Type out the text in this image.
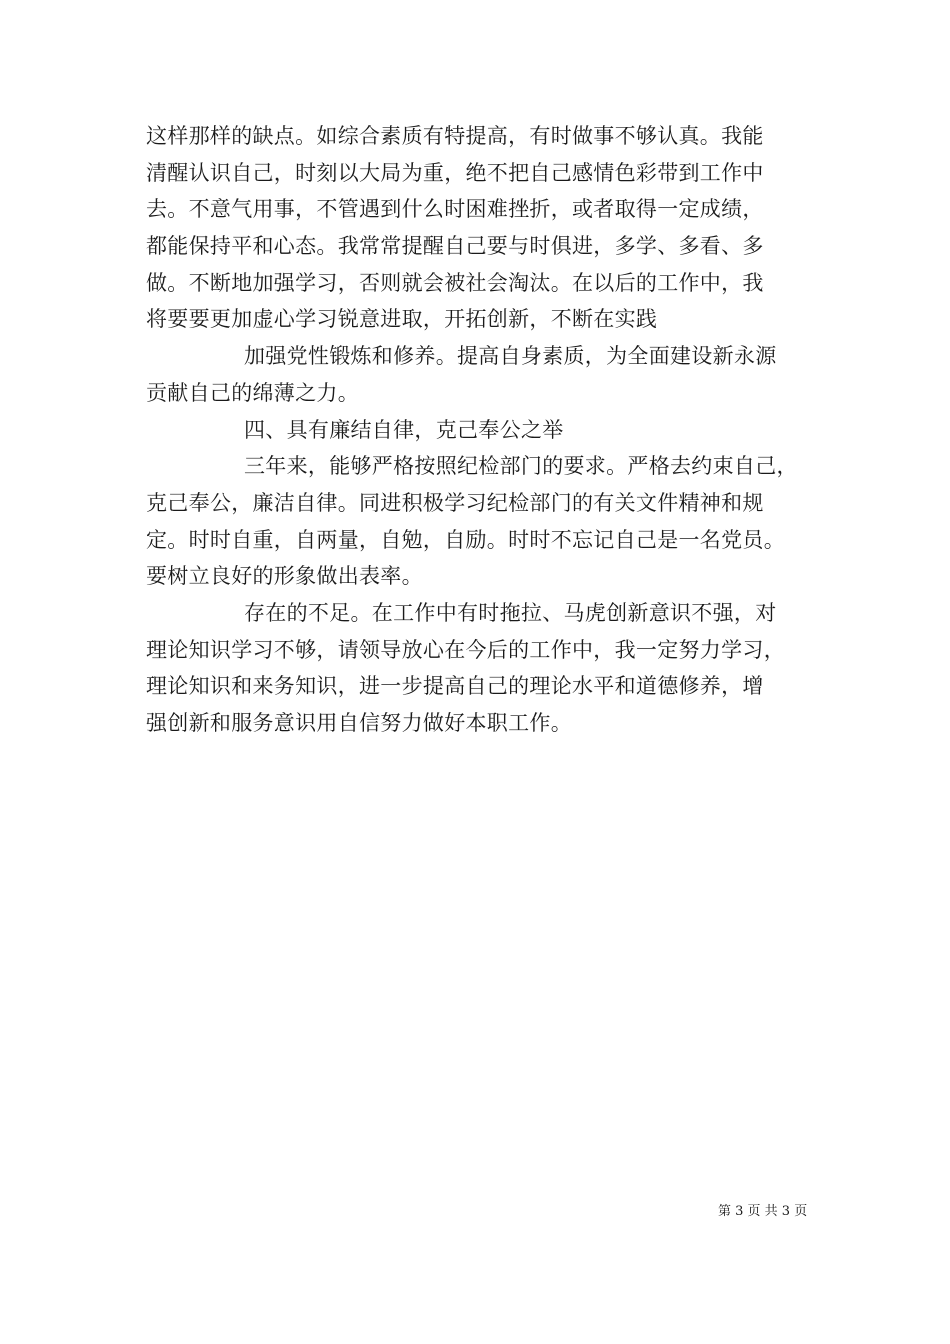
这样那样的缺点。如综合素质有特提高，有时做事不够认真。我能
清醒认识自己，时刻以大局为重，绝不把自己感情色彩带到工作中
去。不意气用事，不管遇到什么时困难挫折，或者取得一定成绩，
都能保持平和心态。我常常提醒自己要与时俱进，多学、多看、多
做。不断地加强学习，否则就会被社会淘汰。在以后的工作中，我
将要要更加虚心学习锐意进取，开拓创新，不断在实践
加强党性锻炼和修养。提高自身素质，为全面建设新永源
贡献自己的绵薄之力。
四、具有廉结自律，克己奉公之举
三年来，能够严格按照纪检部门的要求。严格去约束自己，
克己奉公，廉洁自律。同进积极学习纪检部门的有关文件精神和规
定。时时自重，自两量，自勉，自励。时时不忘记自己是一名党员。
要树立良好的形象做出表率。
存在的不足。在工作中有时拖拉、马虎创新意识不强，对
理论知识学习不够，请领导放心在今后的工作中，我一定努力学习，
理论知识和来务知识，进一步提高自己的理论水平和道德修养，增
强创新和服务意识用自信努力做好本职工作。
第 3 页 共 3 页
